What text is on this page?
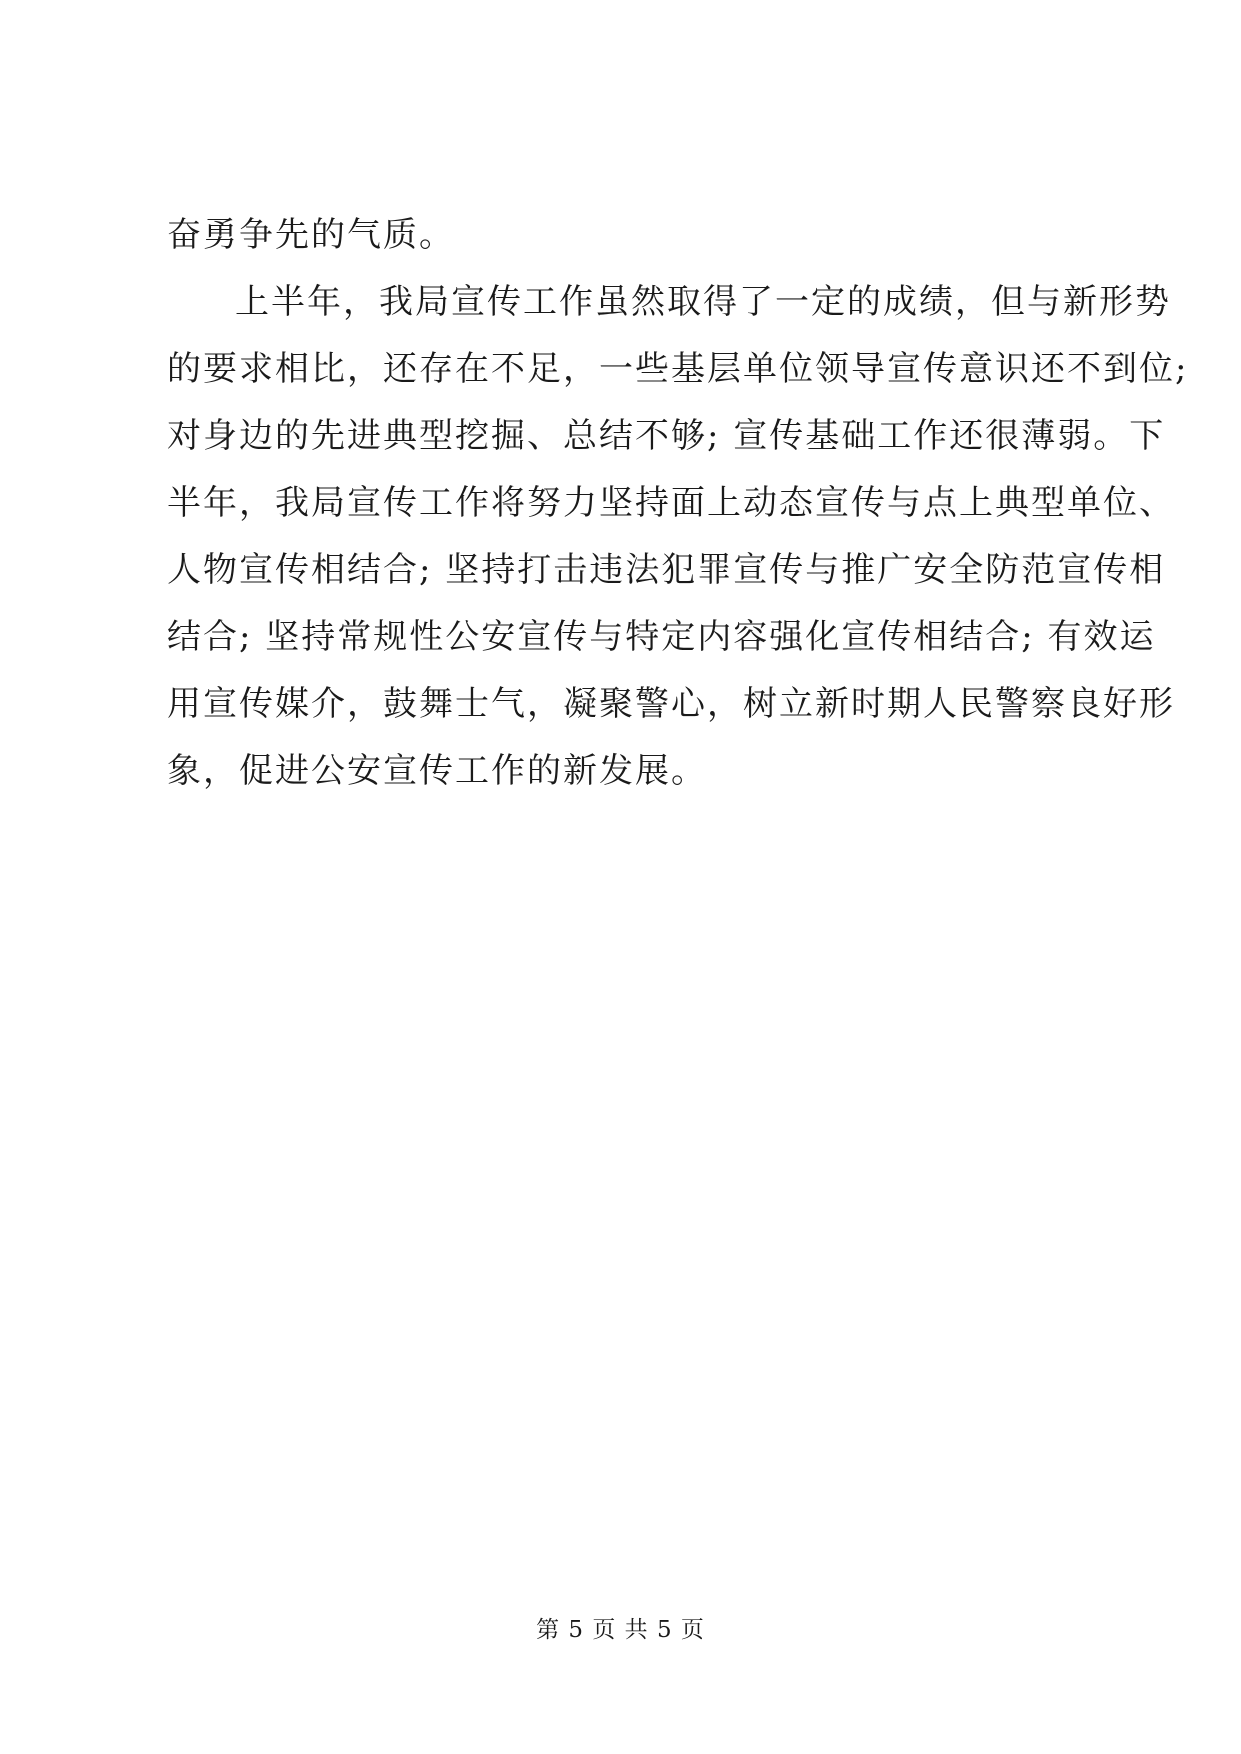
奋勇争先的气质。
上半年，我局宣传工作虽然取得了一定的成绩，但与新形势
的要求相比，还存在不足，一些基层单位领导宣传意识还不到位;
对身边的先进典型挖掘、总结不够; 宣传基础工作还很薄弱。下
半年，我局宣传工作将努力坚持面上动态宣传与点上典型单位、
人物宣传相结合; 坚持打击违法犯罪宣传与推广安全防范宣传相
结合; 坚持常规性公安宣传与特定内容强化宣传相结合; 有效运
用宣传媒介，鼓舞士气，凝聚警心，树立新时期人民警察良好形
象，促进公安宣传工作的新发展。
第 5 页 共 5 页
